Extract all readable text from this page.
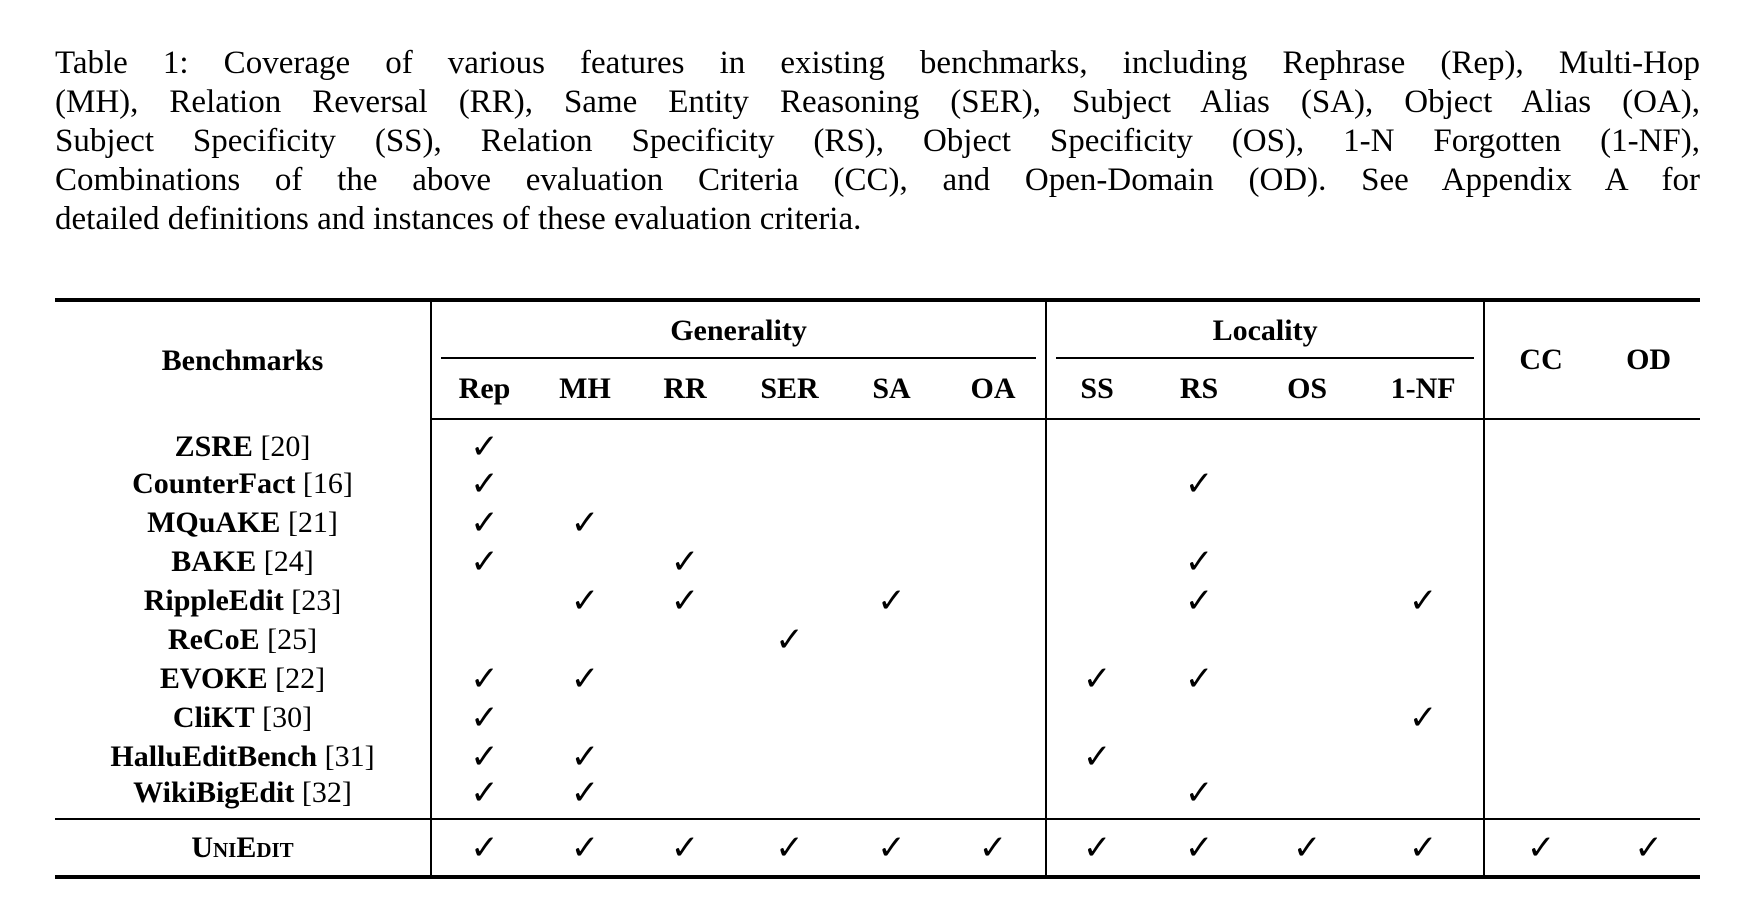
Table 1: Coverage of various features in existing benchmarks, including Rephrase (Rep), Multi-Hop
(MH), Relation Reversal (RR), Same Entity Reasoning (SER), Subject Alias (SA), Object Alias (OA),
Subject Specificity (SS), Relation Specificity (RS), Object Specificity (OS), 1-N Forgotten (1-NF),
Combinations of the above evaluation Criteria (CC), and Open-Domain (OD). See Appendix A for
detailed definitions and instances of these evaluation criteria.
Benchmarks	Generality						Locality				CC	OD
	Rep	MH	RR	SER	SA	OA	SS	RS	OS	1-NF		
ZSRE [20]	✓											
CounterFact [16]	✓							✓				
MQuAKE [21]	✓	✓										
BAKE [24]	✓		✓					✓				
RippleEdit [23]		✓	✓		✓			✓		✓		
ReCoE [25]				✓								
EVOKE [22]	✓	✓					✓	✓				
CliKT [30]	✓									✓		
HalluEditBench [31]	✓	✓					✓					
WikiBigEdit [32]	✓	✓						✓				
UniEdit	✓	✓	✓	✓	✓	✓	✓	✓	✓	✓	✓	✓
